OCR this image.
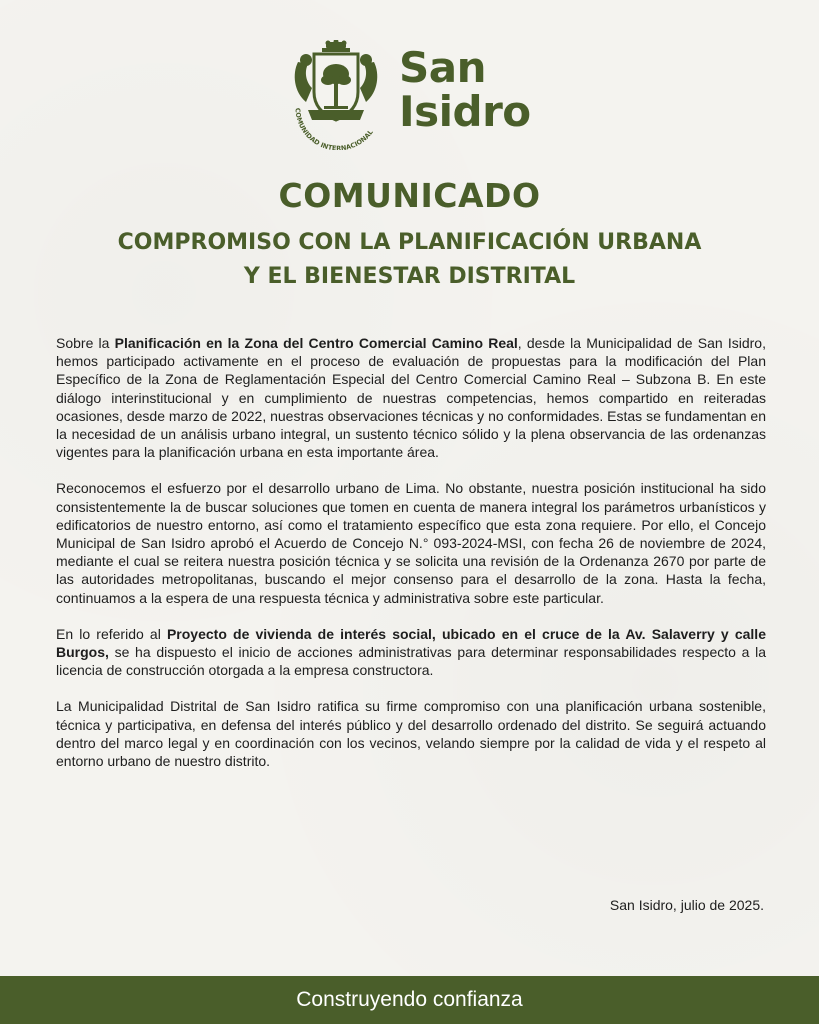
COMUNIDAD INTERNACIONAL
San
Isidro
COMUNICADO
COMPROMISO CON LA PLANIFICACIÓN URBANA
Y EL BIENESTAR DISTRITAL

Sobre la Planificación en la Zona del Centro Comercial Camino Real, desde la Municipalidad de San Isidro, hemos participado activamente en el proceso de evaluación de propuestas para la modificación del Plan Específico de la Zona de Reglamentación Especial del Centro Comercial Camino Real – Subzona B. En este diálogo interinstitucional y en cumplimiento de nuestras competencias, hemos compartido en reiteradas ocasiones, desde marzo de 2022, nuestras observaciones técnicas y no conformidades. Estas se fundamentan en la necesidad de un análisis urbano integral, un sustento técnico sólido y la plena observancia de las ordenanzas vigentes para la planificación urbana en esta importante área.

Reconocemos el esfuerzo por el desarrollo urbano de Lima. No obstante, nuestra posición institucional ha sido consistentemente la de buscar soluciones que tomen en cuenta de manera integral los parámetros urbanísticos y edificatorios de nuestro entorno, así como el tratamiento específico que esta zona requiere. Por ello, el Concejo Municipal de San Isidro aprobó el Acuerdo de Concejo N.° 093-2024-MSI, con fecha 26 de noviembre de 2024, mediante el cual se reitera nuestra posición técnica y se solicita una revisión de la Ordenanza 2670 por parte de las autoridades metropolitanas, buscando el mejor consenso para el desarrollo de la zona. Hasta la fecha, continuamos a la espera de una respuesta técnica y administrativa sobre este particular.

En lo referido al Proyecto de vivienda de interés social, ubicado en el cruce de la Av. Salaverry y calle Burgos, se ha dispuesto el inicio de acciones administrativas para determinar responsabilidades respecto a la licencia de construcción otorgada a la empresa constructora.

La Municipalidad Distrital de San Isidro ratifica su firme compromiso con una planificación urbana sostenible, técnica y participativa, en defensa del interés público y del desarrollo ordenado del distrito. Se seguirá actuando dentro del marco legal y en coordinación con los vecinos, velando siempre por la calidad de vida y el respeto al entorno urbano de nuestro distrito.

San Isidro, julio de 2025.
Construyendo confianza
